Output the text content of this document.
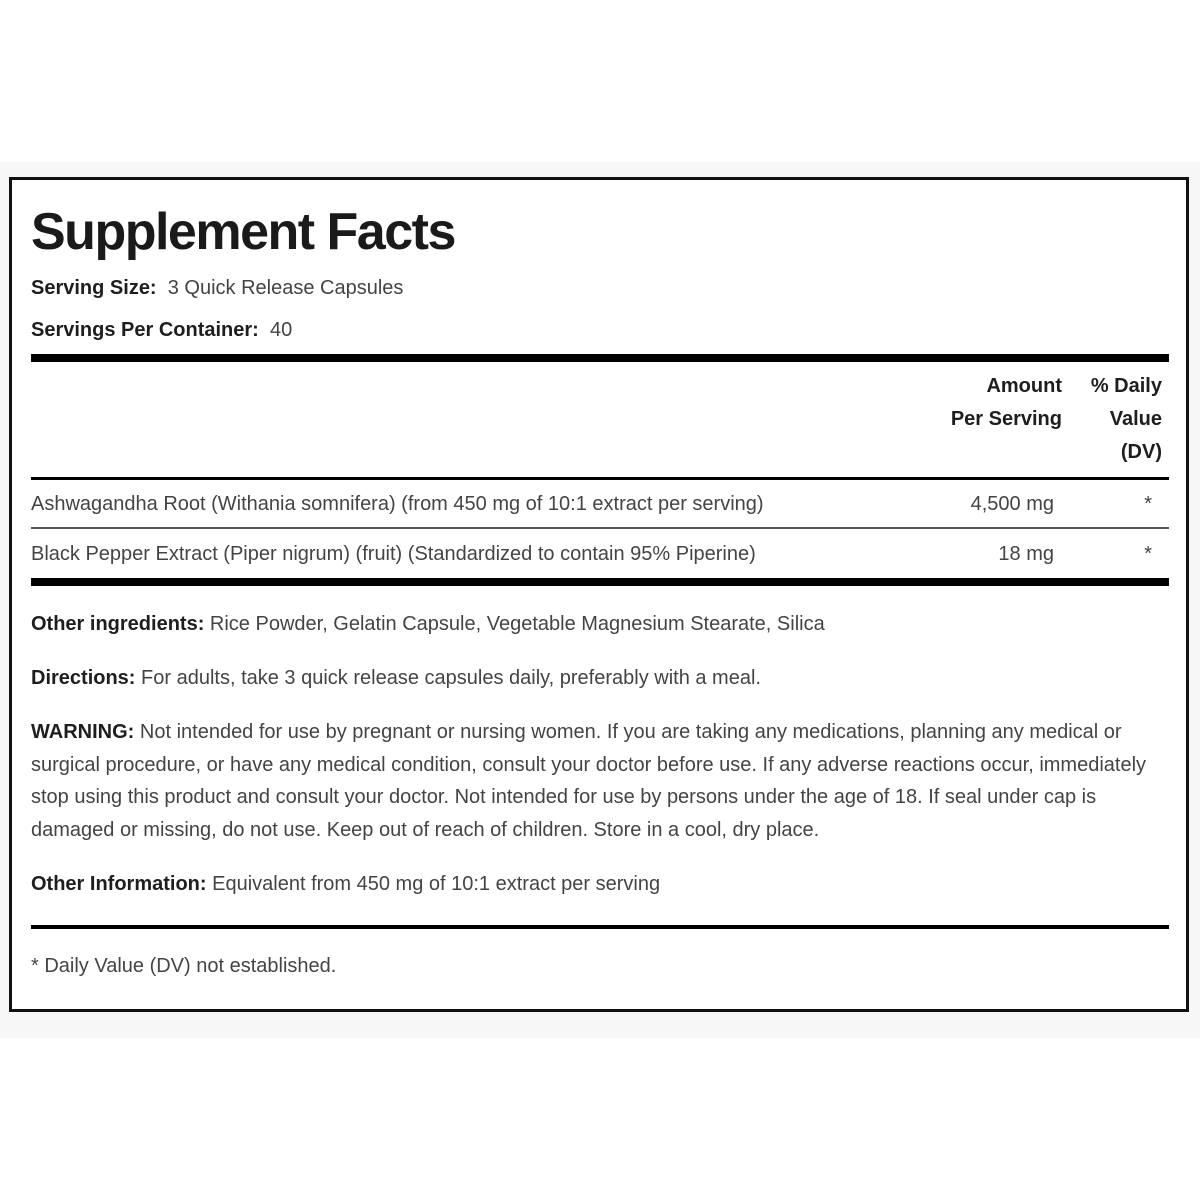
Supplement Facts
Serving Size: 3 Quick Release Capsules
Servings Per Container: 40
Amount
Per Serving
% Daily
Value
(DV)
Ashwagandha Root (Withania somnifera) (from 450 mg of 10:1 extract per serving)	4,500 mg	*
Black Pepper Extract (Piper nigrum) (fruit) (Standardized to contain 95% Piperine)	18 mg	*
Other ingredients: Rice Powder, Gelatin Capsule, Vegetable Magnesium Stearate, Silica
Directions: For adults, take 3 quick release capsules daily, preferably with a meal.
WARNING: Not intended for use by pregnant or nursing women. If you are taking any medications, planning any medical or surgical procedure, or have any medical condition, consult your doctor before use. If any adverse reactions occur, immediately stop using this product and consult your doctor. Not intended for use by persons under the age of 18. If seal under cap is damaged or missing, do not use. Keep out of reach of children. Store in a cool, dry place.
Other Information: Equivalent from 450 mg of 10:1 extract per serving
* Daily Value (DV) not established.
